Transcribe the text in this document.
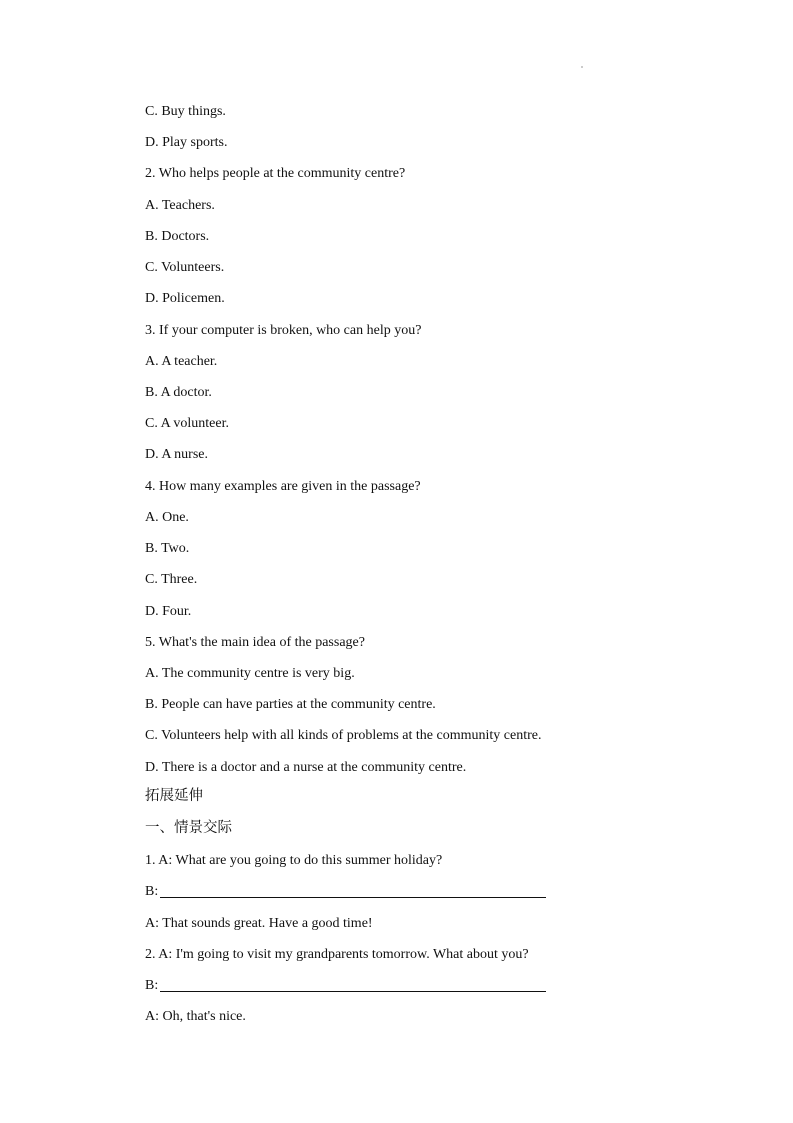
C. Buy things.
D. Play sports.
2. Who helps people at the community centre?
A. Teachers.
B. Doctors.
C. Volunteers.
D. Policemen.
3. If your computer is broken, who can help you?
A. A teacher.
B. A doctor.
C. A volunteer.
D. A nurse.
4. How many examples are given in the passage?
A. One.
B. Two.
C. Three.
D. Four.
5. What's the main idea of the passage?
A. The community centre is very big.
B. People can have parties at the community centre.
C. Volunteers help with all kinds of problems at the community centre.
D. There is a doctor and a nurse at the community centre.
拓展延伸
一、情景交际
1. A: What are you going to do this summer holiday?
B:
A: That sounds great. Have a good time!
2. A: I'm going to visit my grandparents tomorrow. What about you?
B:
A: Oh, that's nice.
